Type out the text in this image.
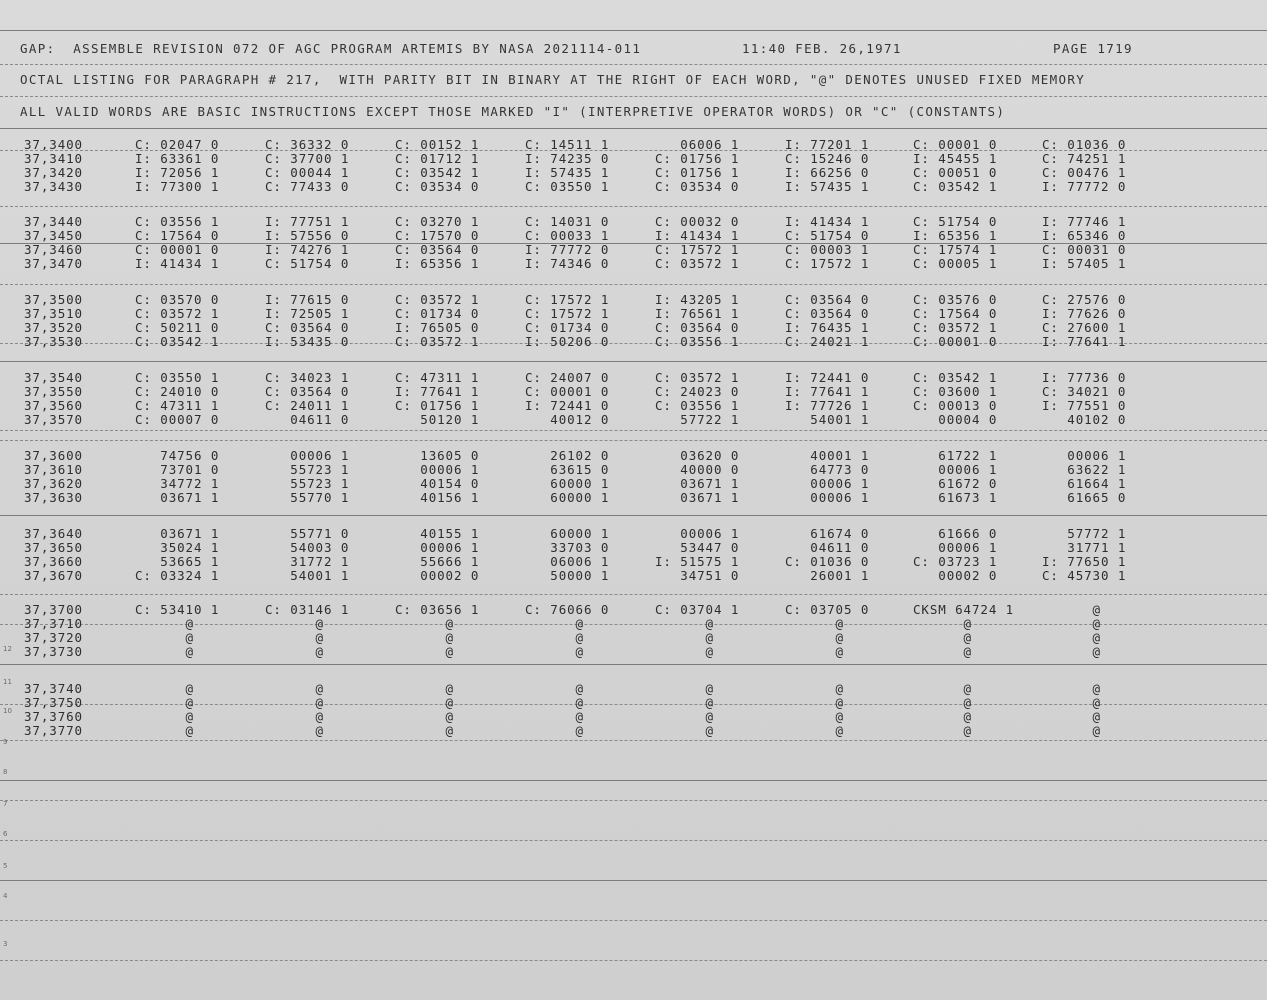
GAP:  ASSEMBLE REVISION 072 OF AGC PROGRAM ARTEMIS BY NASA 2021114-011	11:40 FEB. 26,1971	PAGE 1719
OCTAL LISTING FOR PARAGRAPH # 217,  WITH PARITY BIT IN BINARY AT THE RIGHT OF EACH WORD, "@" DENOTES UNUSED FIXED MEMORY
ALL VALID WORDS ARE BASIC INSTRUCTIONS EXCEPT THOSE MARKED "I" (INTERPRETIVE OPERATOR WORDS) OR "C" (CONSTANTS)
37,3400	C: 02047 0	C: 36332 0	C: 00152 1	C: 14511 1	06006 1	I: 77201 1	C: 00001 0	C: 01036 0
37,3410	I: 63361 0	C: 37700 1	C: 01712 1	I: 74235 0	C: 01756 1	C: 15246 0	I: 45455 1	C: 74251 1
37,3420	I: 72056 1	C: 00044 1	C: 03542 1	I: 57435 1	C: 01756 1	I: 66256 0	C: 00051 0	C: 00476 1
37,3430	I: 77300 1	C: 77433 0	C: 03534 0	C: 03550 1	C: 03534 0	I: 57435 1	C: 03542 1	I: 77772 0
37,3440	C: 03556 1	I: 77751 1	C: 03270 1	C: 14031 0	C: 00032 0	I: 41434 1	C: 51754 0	I: 77746 1
37,3450	C: 17564 0	I: 57556 0	C: 17570 0	C: 00033 1	I: 41434 1	C: 51754 0	I: 65356 1	I: 65346 0
37,3460	C: 00001 0	I: 74276 1	C: 03564 0	I: 77772 0	C: 17572 1	C: 00003 1	C: 17574 1	C: 00031 0
37,3470	I: 41434 1	C: 51754 0	I: 65356 1	I: 74346 0	C: 03572 1	C: 17572 1	C: 00005 1	I: 57405 1
37,3500	C: 03570 0	I: 77615 0	C: 03572 1	C: 17572 1	I: 43205 1	C: 03564 0	C: 03576 0	C: 27576 0
37,3510	C: 03572 1	I: 72505 1	C: 01734 0	C: 17572 1	I: 76561 1	C: 03564 0	C: 17564 0	I: 77626 0
37,3520	C: 50211 0	C: 03564 0	I: 76505 0	C: 01734 0	C: 03564 0	I: 76435 1	C: 03572 1	C: 27600 1
37,3530	C: 03542 1	I: 53435 0	C: 03572 1	I: 50206 0	C: 03556 1	C: 24021 1	C: 00001 0	I: 77641 1
37,3540	C: 03550 1	C: 34023 1	C: 47311 1	C: 24007 0	C: 03572 1	I: 72441 0	C: 03542 1	I: 77736 0
37,3550	C: 24010 0	C: 03564 0	I: 77641 1	C: 00001 0	C: 24023 0	I: 77641 1	C: 03600 1	C: 34021 0
37,3560	C: 47311 1	C: 24011 1	C: 01756 1	I: 72441 0	C: 03556 1	I: 77726 1	C: 00013 0	I: 77551 0
37,3570	C: 00007 0	04611 0	50120 1	40012 0	57722 1	54001 1	00004 0	40102 0
37,3600	74756 0	00006 1	13605 0	26102 0	03620 0	40001 1	61722 1	00006 1
37,3610	73701 0	55723 1	00006 1	63615 0	40000 0	64773 0	00006 1	63622 1
37,3620	34772 1	55723 1	40154 0	60000 1	03671 1	00006 1	61672 0	61664 1
37,3630	03671 1	55770 1	40156 1	60000 1	03671 1	00006 1	61673 1	61665 0
37,3640	03671 1	55771 0	40155 1	60000 1	00006 1	61674 0	61666 0	57772 1
37,3650	35024 1	54003 0	00006 1	33703 0	53447 0	04611 0	00006 1	31771 1
37,3660	53665 1	31772 1	55666 1	06006 1	I: 51575 1	C: 01036 0	C: 03723 1	I: 77650 1
37,3670	C: 03324 1	54001 1	00002 0	50000 1	34751 0	26001 1	00002 0	C: 45730 1
37,3700	C: 53410 1	C: 03146 1	C: 03656 1	C: 76066 0	C: 03704 1	C: 03705 0	CKSM 64724 1 @
37,3710	@	@	@	@	@	@	@	@
37,3720	@	@	@	@	@	@	@	@
37,3730	@	@	@	@	@	@	@	@
37,3740	@	@	@	@	@	@	@	@
37,3750	@	@	@	@	@	@	@	@
37,3760	@	@	@	@	@	@	@	@
37,3770	@	@	@	@	@	@	@	@
12
11
10
9
8
7
6
5
4
3
